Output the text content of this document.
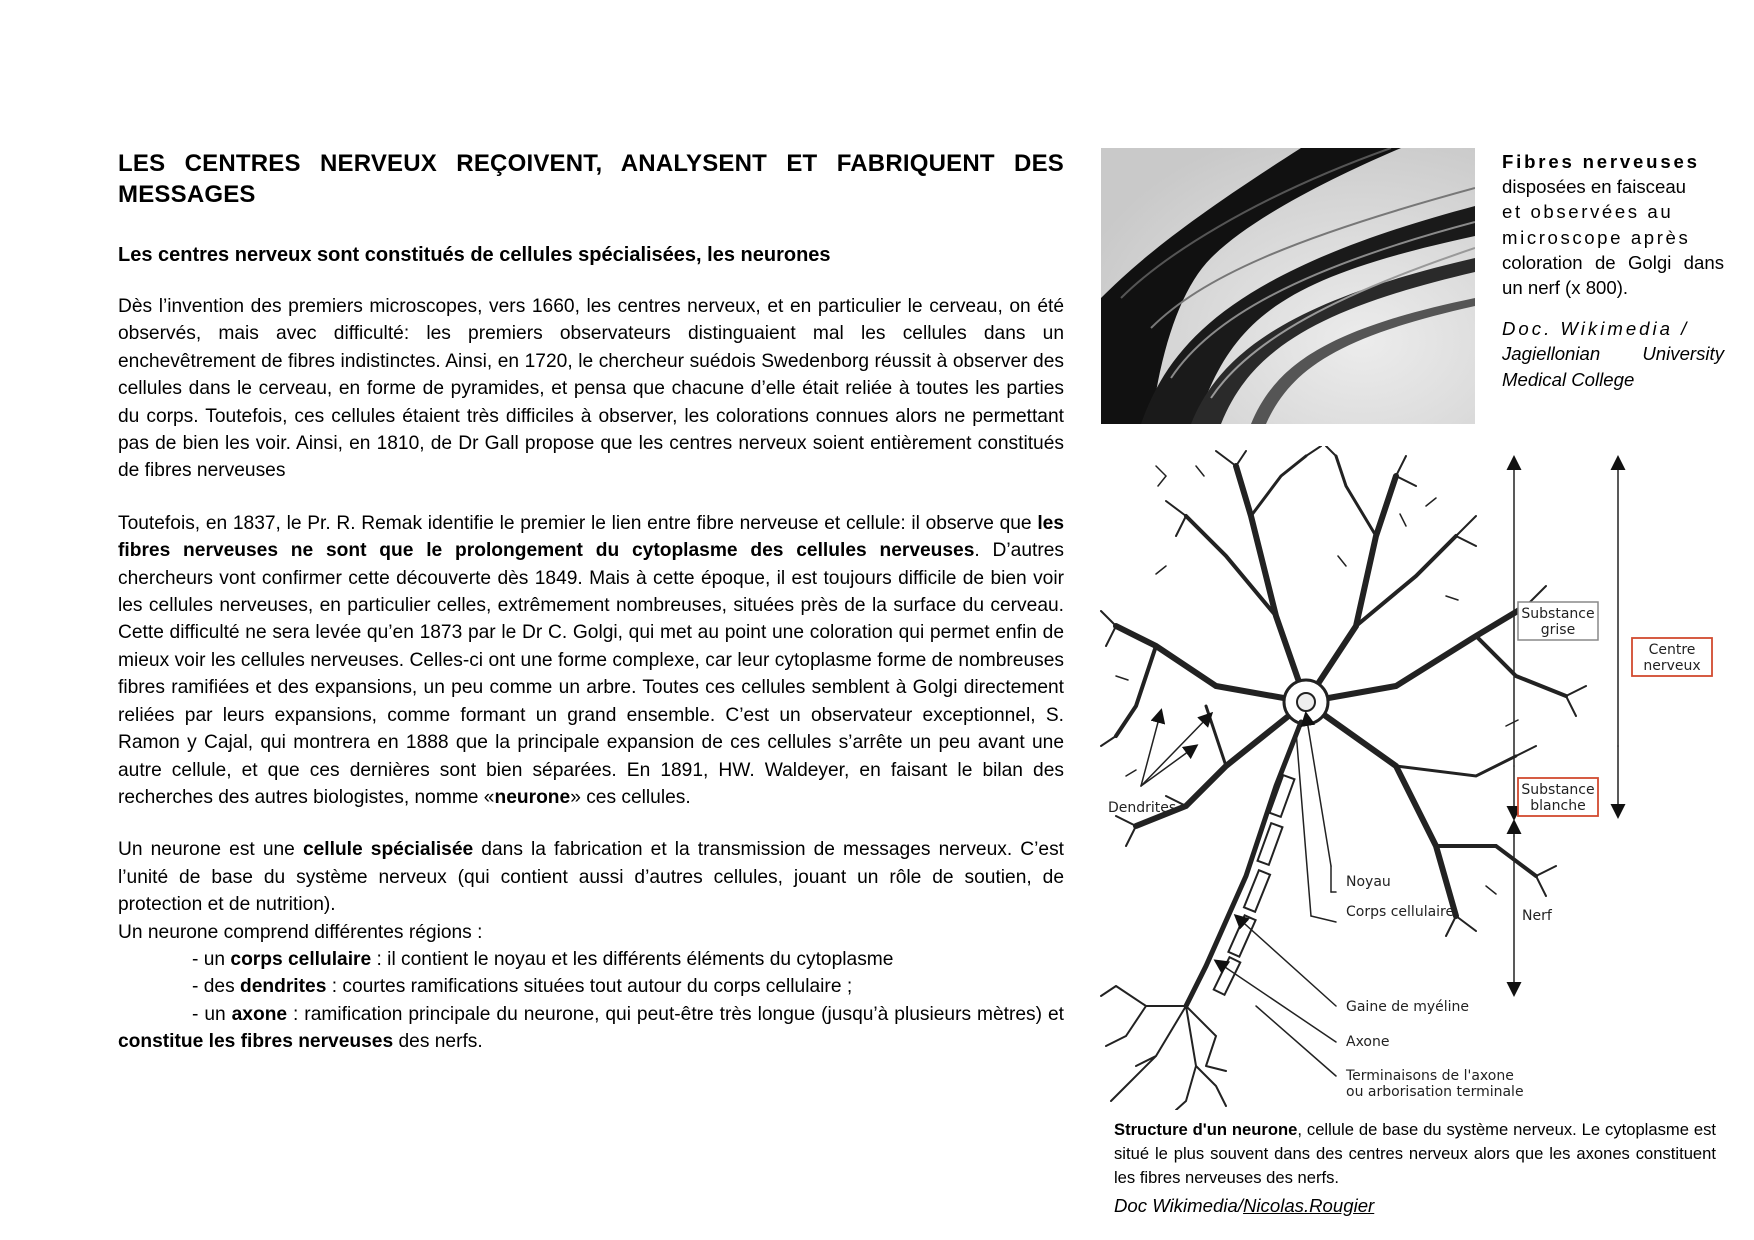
LES CENTRES NERVEUX REÇOIVENT, ANALYSENT ET FABRIQUENT DES MESSAGES

Les centres nerveux sont constitués de cellules spécialisées, les neurones

Dès l’invention des premiers microscopes, vers 1660, les centres nerveux, et en particulier le cerveau, on été observés, mais avec difficulté: les premiers observateurs distinguaient mal les cellules dans un enchevêtrement de fibres indistinctes. Ainsi, en 1720, le chercheur suédois Swedenborg réussit à observer des cellules dans le cerveau, en forme de pyramides, et pensa que chacune d’elle était reliée à toutes les parties du corps. Toutefois, ces cellules étaient très difficiles à observer, les colorations connues alors ne permettant pas de bien les voir. Ainsi, en 1810, de Dr Gall propose que les centres nerveux soient entièrement constitués de fibres nerveuses

Toutefois, en 1837, le Pr. R. Remak identifie le premier le lien entre fibre nerveuse et cellule: il observe que les fibres nerveuses ne sont que le prolongement du cytoplasme des cellules nerveuses. D’autres chercheurs vont confirmer cette découverte dès 1849. Mais à cette époque, il est toujours difficile de bien voir les cellules nerveuses, en particulier celles, extrêmement nombreuses, situées près de la surface du cerveau. Cette difficulté ne sera levée qu’en 1873 par le Dr C. Golgi, qui met au point une coloration qui permet enfin de mieux voir les cellules nerveuses. Celles-ci ont une forme complexe, car leur cytoplasme forme de nombreuses fibres ramifiées et des expansions, un peu comme un arbre. Toutes ces cellules semblent à Golgi directement reliées par leurs expansions, comme formant un grand ensemble. C’est un observateur exceptionnel, S. Ramon y Cajal, qui montrera en 1888 que la principale expansion de ces cellules s’arrête un peu avant une autre cellule, et que ces dernières sont bien séparées. En 1891, HW. Waldeyer, en faisant le bilan des recherches des autres biologistes, nomme «neurone» ces cellules.

Un neurone est une cellule spécialisée dans la fabrication et la transmission de messages nerveux. C’est l’unité de base du système nerveux (qui contient aussi d’autres cellules, jouant un rôle de soutien, de protection et de nutrition).

Un neurone comprend différentes régions :

- un corps cellulaire : il contient le noyau et les différents éléments du cytoplasme

- des dendrites : courtes ramifications situées tout autour du corps cellulaire ;

- un axone : ramification principale du neurone, qui peut-être très longue (jusqu’à plusieurs mètres) et constitue les fibres nerveuses des nerfs.

Fibres nerveuses
disposées en faisceau
et observées au
microscope après
coloration de Golgi dans un nerf (x 800).
Doc. Wikimedia /
Jagiellonian University Medical College
Dendrites
Noyau
Corps cellulaire
Gaine de myéline
Axone
Terminaisons de l'axone
ou arborisation terminale
Substance
grise
Substance
blanche
Centre
nerveux
Nerf
Structure d'un neurone, cellule de base du système nerveux. Le cytoplasme est situé le plus souvent dans des centres nerveux alors que les axones constituent les fibres nerveuses des nerfs.
Doc Wikimedia/Nicolas.Rougier
